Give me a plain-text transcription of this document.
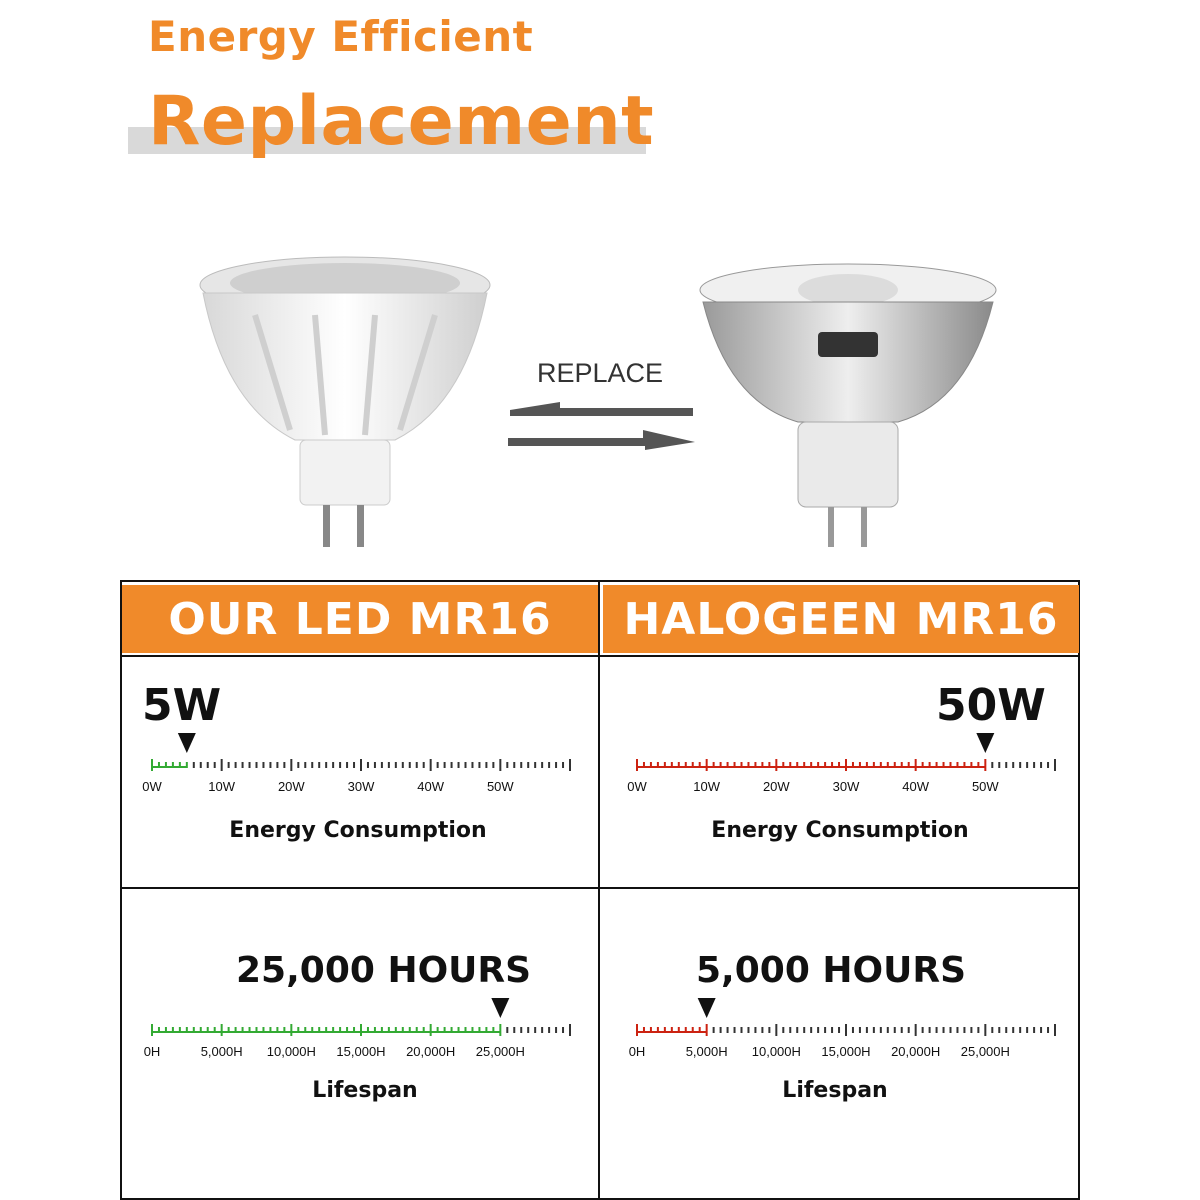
Energy Efficient
Replacement
REPLACE
OUR LED MR16	HALOGEEN MR16
5W
0W	10W	20W	30W	40W	50W
Energy Consumption
50W
0W	10W	20W	30W	40W	50W
Energy Consumption
25,000 HOURS
0H	5,000H 10,000H 15,000H 20,000H 25,000H
Lifespan
5,000 HOURS
0H	5,000H 10,000H 15,000H 20,000H 25,000H
Lifespan
